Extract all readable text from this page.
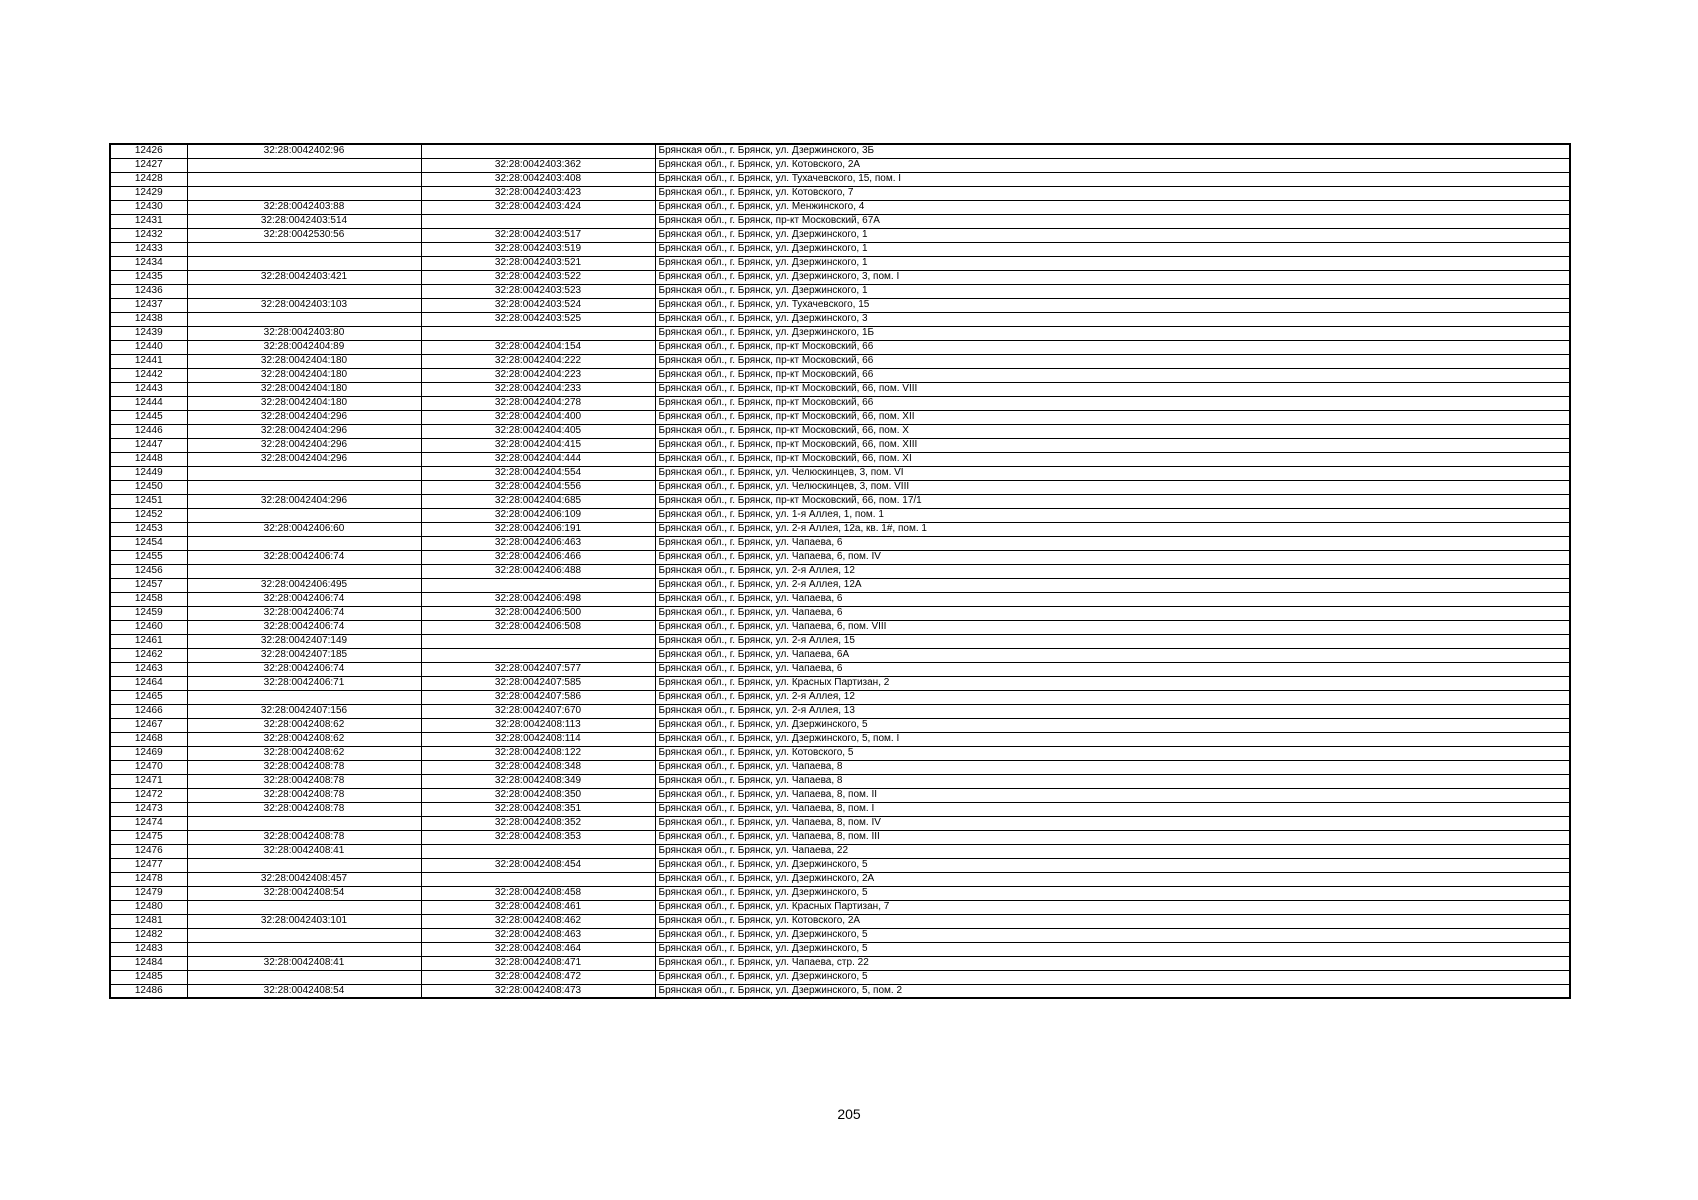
12426	32:28:0042402:96		Брянская обл., г. Брянск, ул. Дзержинского, 3Б
12427		32:28:0042403:362	Брянская обл., г. Брянск, ул. Котовского, 2А
12428		32:28:0042403:408	Брянская обл., г. Брянск, ул. Тухачевского, 15, пом. I
12429		32:28:0042403:423	Брянская обл., г. Брянск, ул. Котовского, 7
12430	32:28:0042403:88	32:28:0042403:424	Брянская обл., г. Брянск, ул. Менжинского, 4
12431	32:28:0042403:514		Брянская обл., г. Брянск, пр-кт Московский, 67А
12432	32:28:0042530:56	32:28:0042403:517	Брянская обл., г. Брянск, ул. Дзержинского, 1
12433		32:28:0042403:519	Брянская обл., г. Брянск, ул. Дзержинского, 1
12434		32:28:0042403:521	Брянская обл., г. Брянск, ул. Дзержинского, 1
12435	32:28:0042403:421	32:28:0042403:522	Брянская обл., г. Брянск, ул. Дзержинского, 3, пом. I
12436		32:28:0042403:523	Брянская обл., г. Брянск, ул. Дзержинского, 1
12437	32:28:0042403:103	32:28:0042403:524	Брянская обл., г. Брянск, ул. Тухачевского, 15
12438		32:28:0042403:525	Брянская обл., г. Брянск, ул. Дзержинского, 3
12439	32:28:0042403:80		Брянская обл., г. Брянск, ул. Дзержинского, 1Б
12440	32:28:0042404:89	32:28:0042404:154	Брянская обл., г. Брянск, пр-кт Московский, 66
12441	32:28:0042404:180	32:28:0042404:222	Брянская обл., г. Брянск, пр-кт Московский, 66
12442	32:28:0042404:180	32:28:0042404:223	Брянская обл., г. Брянск, пр-кт Московский, 66
12443	32:28:0042404:180	32:28:0042404:233	Брянская обл., г. Брянск, пр-кт Московский, 66, пом. VIII
12444	32:28:0042404:180	32:28:0042404:278	Брянская обл., г. Брянск, пр-кт Московский, 66
12445	32:28:0042404:296	32:28:0042404:400	Брянская обл., г. Брянск, пр-кт Московский, 66, пом. XII
12446	32:28:0042404:296	32:28:0042404:405	Брянская обл., г. Брянск, пр-кт Московский, 66, пом. X
12447	32:28:0042404:296	32:28:0042404:415	Брянская обл., г. Брянск, пр-кт Московский, 66, пом. XIII
12448	32:28:0042404:296	32:28:0042404:444	Брянская обл., г. Брянск, пр-кт Московский, 66, пом. XI
12449		32:28:0042404:554	Брянская обл., г. Брянск, ул. Челюскинцев, 3, пом. VI
12450		32:28:0042404:556	Брянская обл., г. Брянск, ул. Челюскинцев, 3, пом. VIII
12451	32:28:0042404:296	32:28:0042404:685	Брянская обл., г. Брянск, пр-кт Московский, 66, пом. 17/1
12452		32:28:0042406:109	Брянская обл., г. Брянск, ул. 1-я Аллея, 1, пом. 1
12453	32:28:0042406:60	32:28:0042406:191	Брянская обл., г. Брянск, ул. 2-я Аллея, 12а, кв. 1#, пом. 1
12454		32:28:0042406:463	Брянская обл., г. Брянск, ул. Чапаева, 6
12455	32:28:0042406:74	32:28:0042406:466	Брянская обл., г. Брянск, ул. Чапаева, 6, пом. IV
12456		32:28:0042406:488	Брянская обл., г. Брянск, ул. 2-я Аллея, 12
12457	32:28:0042406:495		Брянская обл., г. Брянск, ул. 2-я Аллея, 12А
12458	32:28:0042406:74	32:28:0042406:498	Брянская обл., г. Брянск, ул. Чапаева, 6
12459	32:28:0042406:74	32:28:0042406:500	Брянская обл., г. Брянск, ул. Чапаева, 6
12460	32:28:0042406:74	32:28:0042406:508	Брянская обл., г. Брянск, ул. Чапаева, 6, пом. VIII
12461	32:28:0042407:149		Брянская обл., г. Брянск, ул. 2-я Аллея, 15
12462	32:28:0042407:185		Брянская обл., г. Брянск, ул. Чапаева, 6А
12463	32:28:0042406:74	32:28:0042407:577	Брянская обл., г. Брянск, ул. Чапаева, 6
12464	32:28:0042406:71	32:28:0042407:585	Брянская обл., г. Брянск, ул. Красных Партизан, 2
12465		32:28:0042407:586	Брянская обл., г. Брянск, ул. 2-я Аллея, 12
12466	32:28:0042407:156	32:28:0042407:670	Брянская обл., г. Брянск, ул. 2-я Аллея, 13
12467	32:28:0042408:62	32:28:0042408:113	Брянская обл., г. Брянск, ул. Дзержинского, 5
12468	32:28:0042408:62	32:28:0042408:114	Брянская обл., г. Брянск, ул. Дзержинского, 5, пом. I
12469	32:28:0042408:62	32:28:0042408:122	Брянская обл., г. Брянск, ул. Котовского, 5
12470	32:28:0042408:78	32:28:0042408:348	Брянская обл., г. Брянск, ул. Чапаева, 8
12471	32:28:0042408:78	32:28:0042408:349	Брянская обл., г. Брянск, ул. Чапаева, 8
12472	32:28:0042408:78	32:28:0042408:350	Брянская обл., г. Брянск, ул. Чапаева, 8, пом. II
12473	32:28:0042408:78	32:28:0042408:351	Брянская обл., г. Брянск, ул. Чапаева, 8, пом. I
12474		32:28:0042408:352	Брянская обл., г. Брянск, ул. Чапаева, 8, пом. IV
12475	32:28:0042408:78	32:28:0042408:353	Брянская обл., г. Брянск, ул. Чапаева, 8, пом. III
12476	32:28:0042408:41		Брянская обл., г. Брянск, ул. Чапаева, 22
12477		32:28:0042408:454	Брянская обл., г. Брянск, ул. Дзержинского, 5
12478	32:28:0042408:457		Брянская обл., г. Брянск, ул. Дзержинского, 2А
12479	32:28:0042408:54	32:28:0042408:458	Брянская обл., г. Брянск, ул. Дзержинского, 5
12480		32:28:0042408:461	Брянская обл., г. Брянск, ул. Красных Партизан, 7
12481	32:28:0042403:101	32:28:0042408:462	Брянская обл., г. Брянск, ул. Котовского, 2А
12482		32:28:0042408:463	Брянская обл., г. Брянск, ул. Дзержинского, 5
12483		32:28:0042408:464	Брянская обл., г. Брянск, ул. Дзержинского, 5
12484	32:28:0042408:41	32:28:0042408:471	Брянская обл., г. Брянск, ул. Чапаева, стр. 22
12485		32:28:0042408:472	Брянская обл., г. Брянск, ул. Дзержинского, 5
12486	32:28:0042408:54	32:28:0042408:473	Брянская обл., г. Брянск, ул. Дзержинского, 5, пом. 2
205
